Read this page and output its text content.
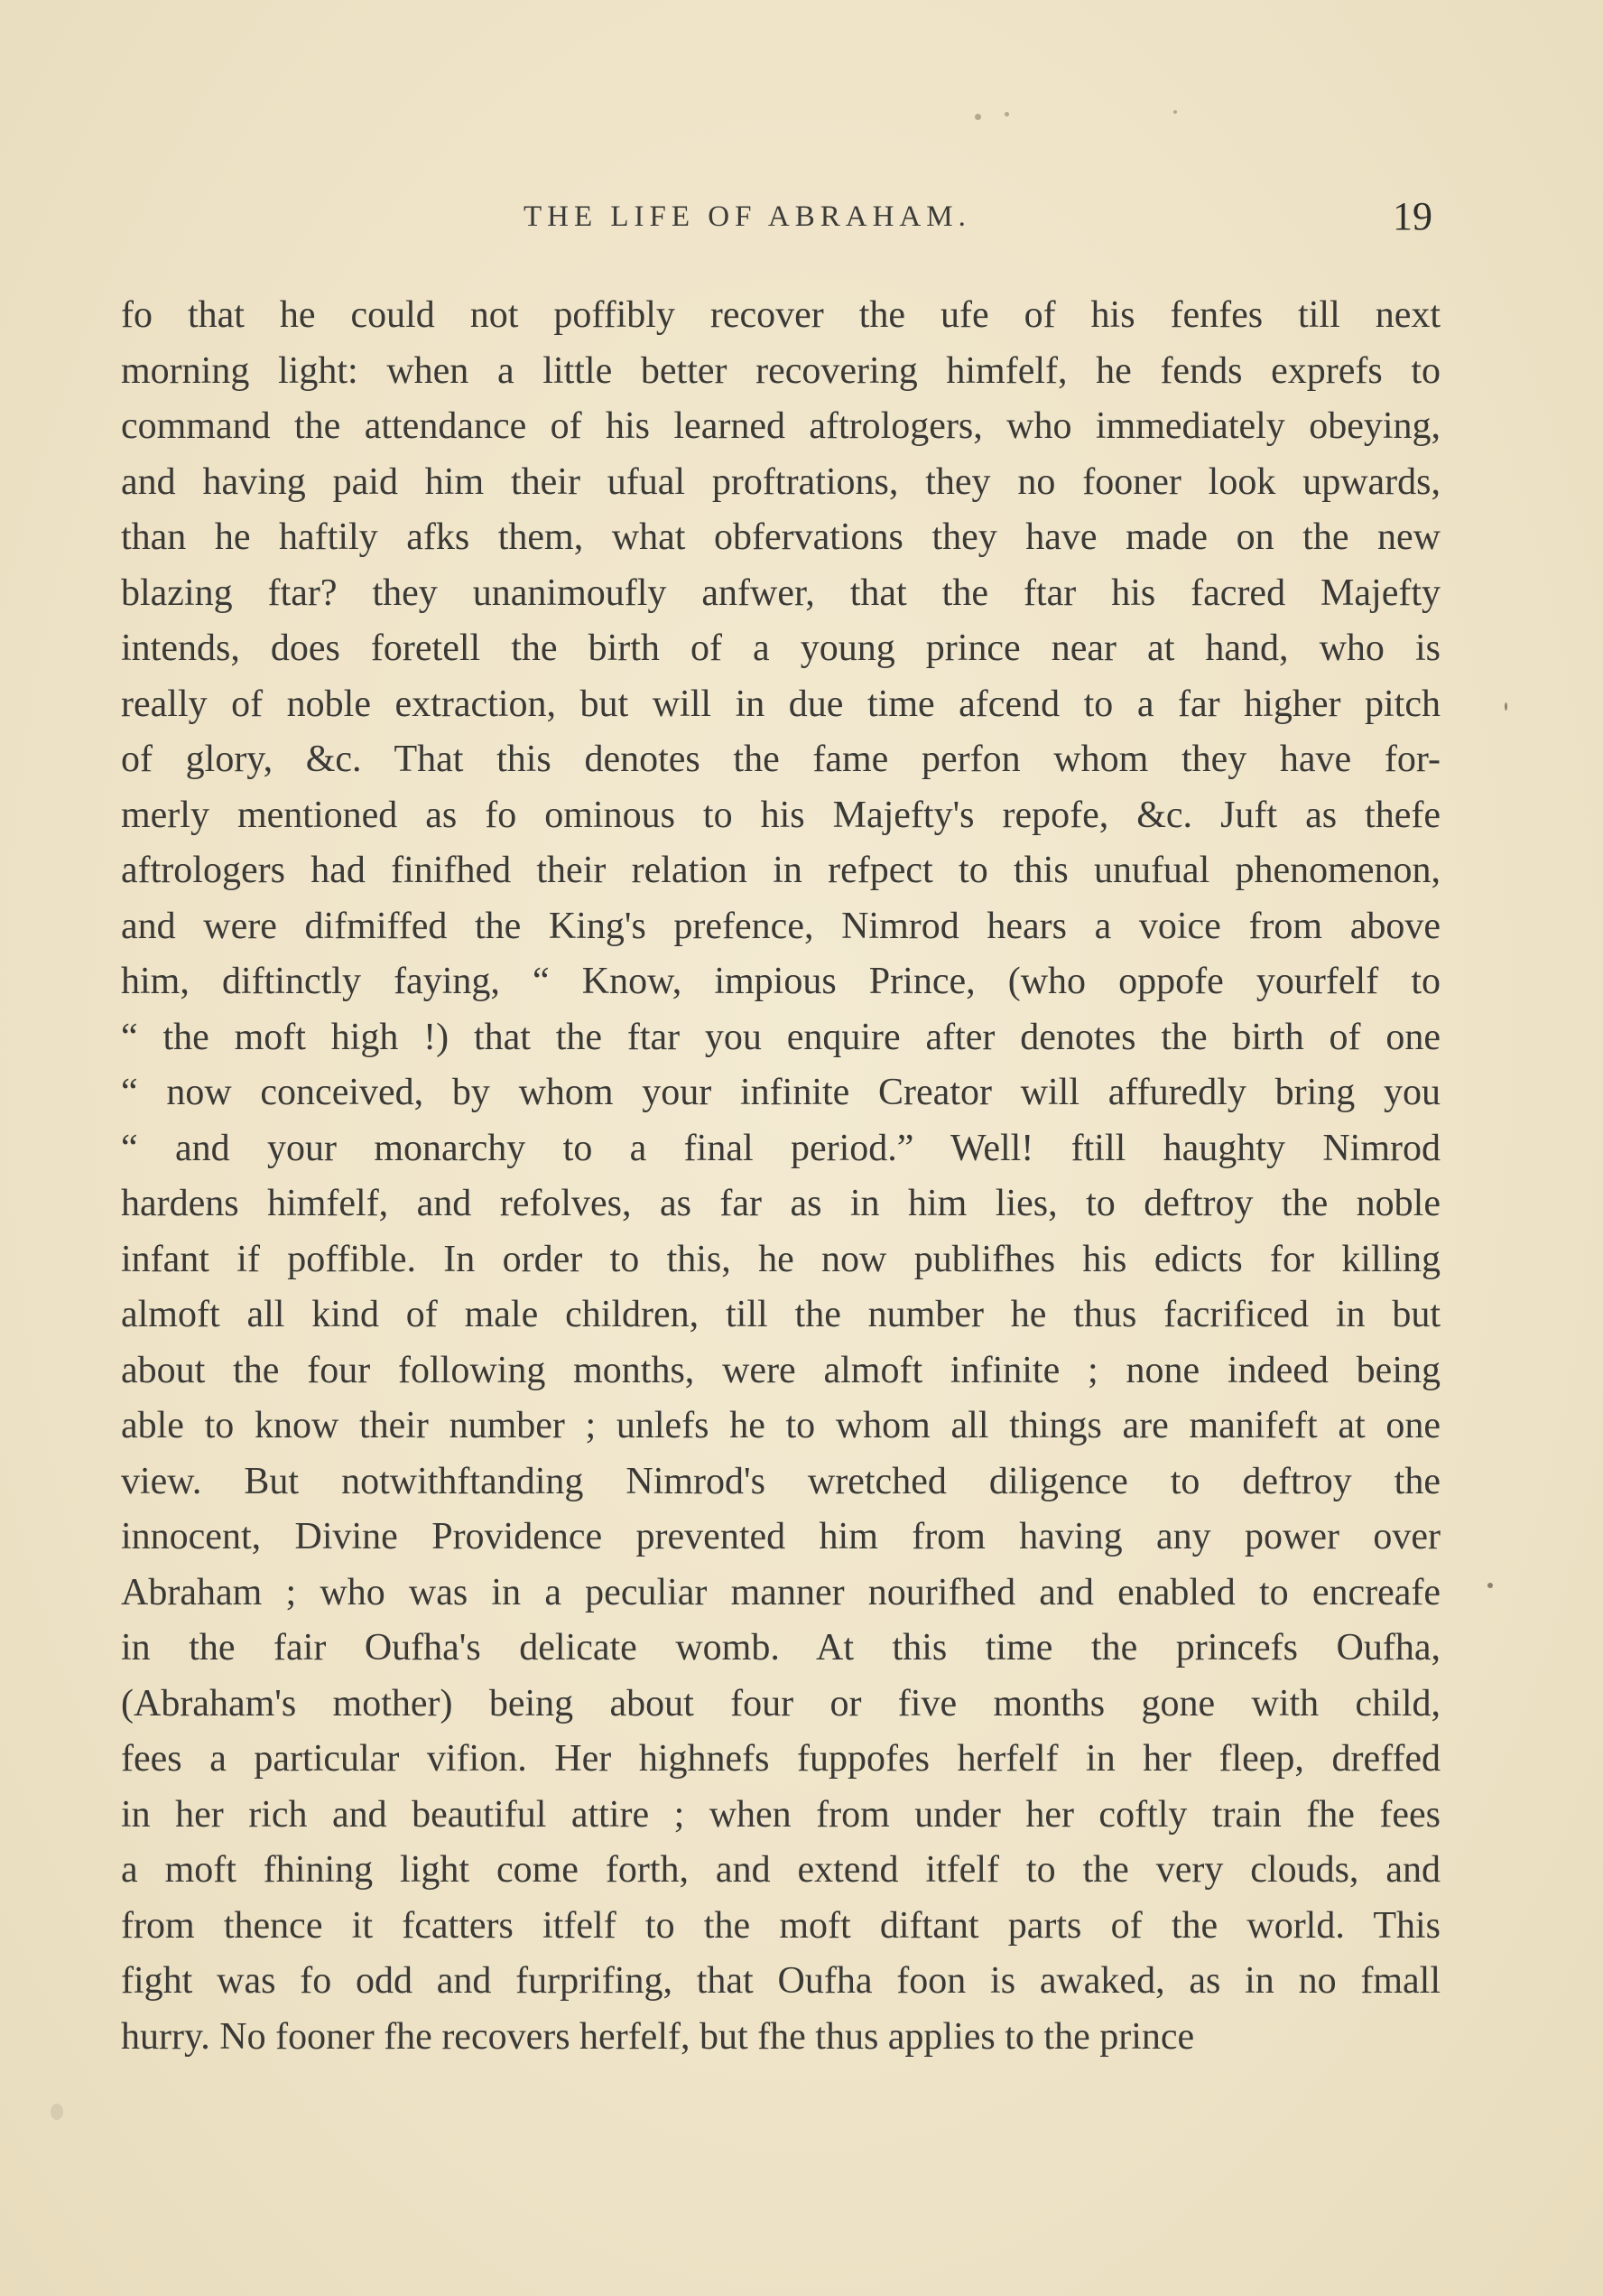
THE LIFE OF ABRAHAM.	19
fo that he could not poffibly recover the ufe of his fenfes till next
morning light: when a little better recovering himfelf, he fends exprefs to
command the attendance of his learned aftrologers, who immediately obeying,
and having paid him their ufual proftrations, they no fooner look upwards,
than he haftily afks them, what obfervations they have made on the new
blazing ftar? they unanimoufly anfwer, that the ftar his facred Majefty
intends, does foretell the birth of a young prince near at hand, who is
really of noble extraction, but will in due time afcend to a far higher pitch
of glory, &c. That this denotes the fame perfon whom they have for-
merly mentioned as fo ominous to his Majefty's repofe, &c. Juft as thefe
aftrologers had finifhed their relation in refpect to this unufual phenomenon,
and were difmiffed the King's prefence, Nimrod hears a voice from above
him, diftinctly faying, “ Know, impious Prince, (who oppofe yourfelf to
“ the moft high !) that the ftar you enquire after denotes the birth of one
“ now conceived, by whom your infinite Creator will affuredly bring you
“ and your monarchy to a final period.” Well! ftill haughty Nimrod
hardens himfelf, and refolves, as far as in him lies, to deftroy the noble
infant if poffible. In order to this, he now publifhes his edicts for killing
almoft all kind of male children, till the number he thus facrificed in but
about the four following months, were almoft infinite ; none indeed being
able to know their number ; unlefs he to whom all things are manifeft at one
view. But notwithftanding Nimrod's wretched diligence to deftroy the
innocent, Divine Providence prevented him from having any power over
Abraham ; who was in a peculiar manner nourifhed and enabled to encreafe
in the fair Oufha's delicate womb. At this time the princefs Oufha,
(Abraham's mother) being about four or five months gone with child,
fees a particular vifion. Her highnefs fuppofes herfelf in her fleep, dreffed
in her rich and beautiful attire ; when from under her coftly train fhe fees
a moft fhining light come forth, and extend itfelf to the very clouds, and
from thence it fcatters itfelf to the moft diftant parts of the world. This
fight was fo odd and furprifing, that Oufha foon is awaked, as in no fmall
hurry. No fooner fhe recovers herfelf, but fhe thus applies to the prince
